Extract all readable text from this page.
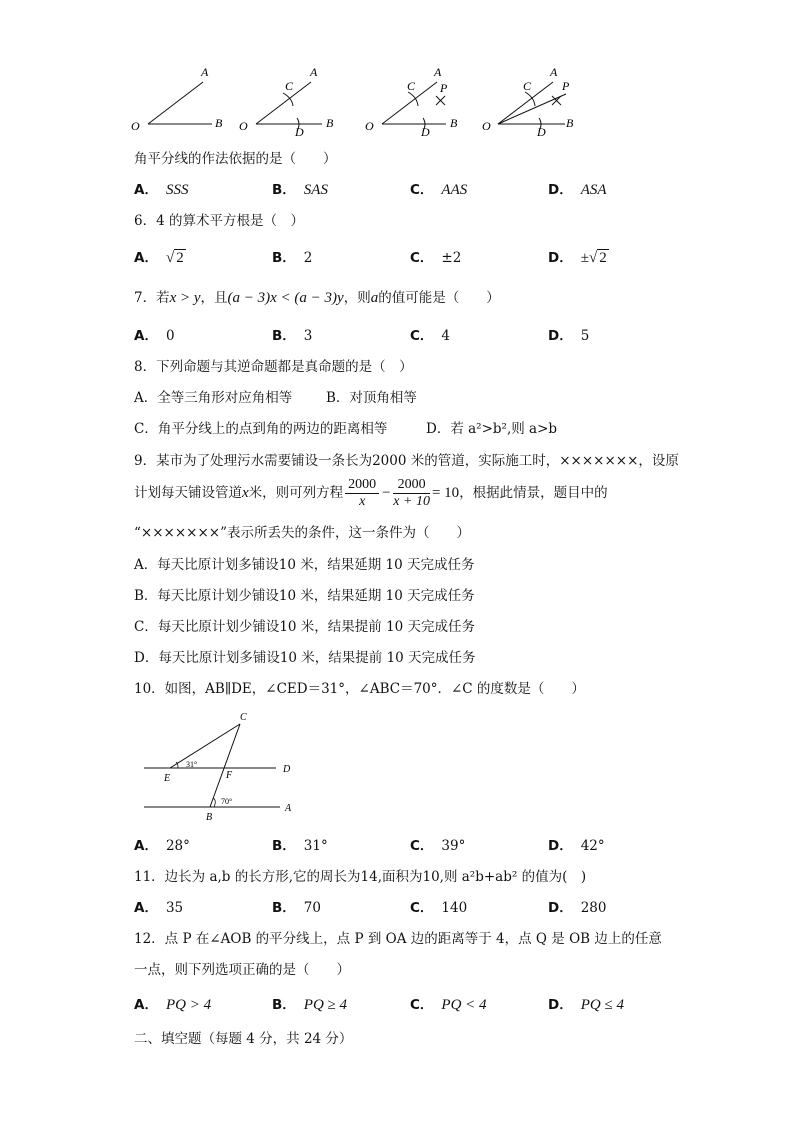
A
B
O
C
A
D
B
O
C
A
P
D
B
O
C
A
P
D
B
O
角平分线的作法依据的是（　　）
A． SSS	B． SAS	C． AAS	D． ASA
6．4 的算术平方根是（　）
A． √ 2	B． 2	C． ±2	D． ±√ 2
7．若x > y，且(a − 3)x < (a − 3)y，则a的值可能是（　　）
A． 0	B． 3	C． 4	D． 5
8．下列命题与其逆命题都是真命题的是（　）
A．全等三角形对应角相等	B．对顶角相等
C．角平分线上的点到角的两边的距离相等	D．若 a²>b²,则 a>b
9．某市为了处理污水需要铺设一条长为2000 米的管道，实际施工时，×××××××，设原
计划每天铺设管道x米，则可列方程 $\frac{2000}{x} - \frac{2000}{x + 10} = 10$，根据此情景，题目中的
“×××××××”表示所丢失的条件，这一条件为（　　）
A．每天比原计划多铺设10 米，结果延期 10 天完成任务
B．每天比原计划少铺设10 米，结果延期 10 天完成任务
C．每天比原计划少铺设10 米，结果提前 10 天完成任务
D．每天比原计划多铺设10 米，结果提前 10 天完成任务
10．如图，AB∥DE，∠CED＝31°，∠ABC＝70°．∠C 的度数是（　　）
C
E
31°
F
D
70°
B
A
A． 28°	B． 31°	C． 39°	D． 42°
11．边长为 a,b 的长方形,它的周长为14,面积为10,则 a²b+ab² 的值为(　)
A． 35	B． 70	C． 140	D． 280
12．点 P 在∠AOB 的平分线上，点 P 到 OA 边的距离等于 4，点 Q 是 OB 边上的任意
一点，则下列选项正确的是（　　）
A． PQ > 4	B． PQ ≥ 4	C． PQ < 4	D． PQ ≤ 4
二、填空题（每题 4 分，共 24 分）
